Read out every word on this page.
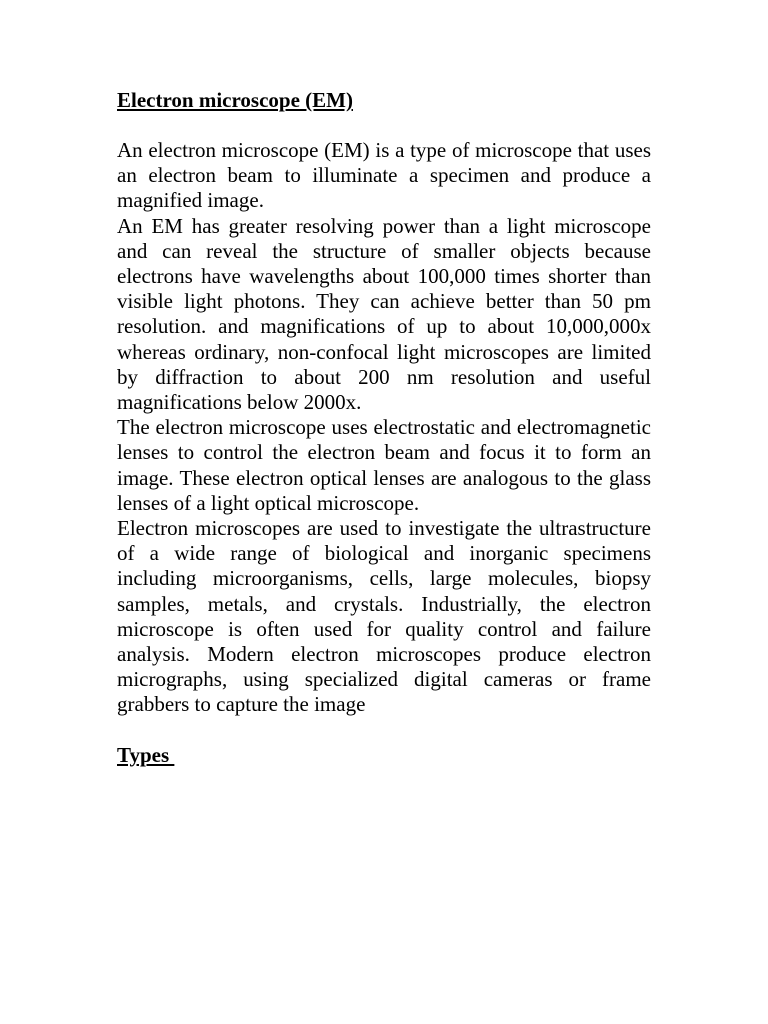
Electron microscope (EM)

An electron microscope (EM) is a type of microscope that uses an electron beam to illuminate a specimen and produce a magnified image.

An EM has greater resolving power than a light microscope and can reveal the structure of smaller objects because electrons have wavelengths about 100,000 times shorter than visible light photons. They can achieve better than 50 pm resolution. and magnifications of up to about 10,000,000x whereas ordinary, non-confocal light microscopes are limited by diffraction to about 200 nm resolution and useful magnifications below 2000x.

The electron microscope uses electrostatic and electromagnetic lenses to control the electron beam and focus it to form an image. These electron optical lenses are analogous to the glass lenses of a light optical microscope.

Electron microscopes are used to investigate the ultrastructure of a wide range of biological and inorganic specimens including microorganisms, cells, large molecules, biopsy samples, metals, and crystals. Industrially, the electron microscope is often used for quality control and failure analysis. Modern electron microscopes produce electron micrographs, using specialized digital cameras or frame grabbers to capture the image

Types
